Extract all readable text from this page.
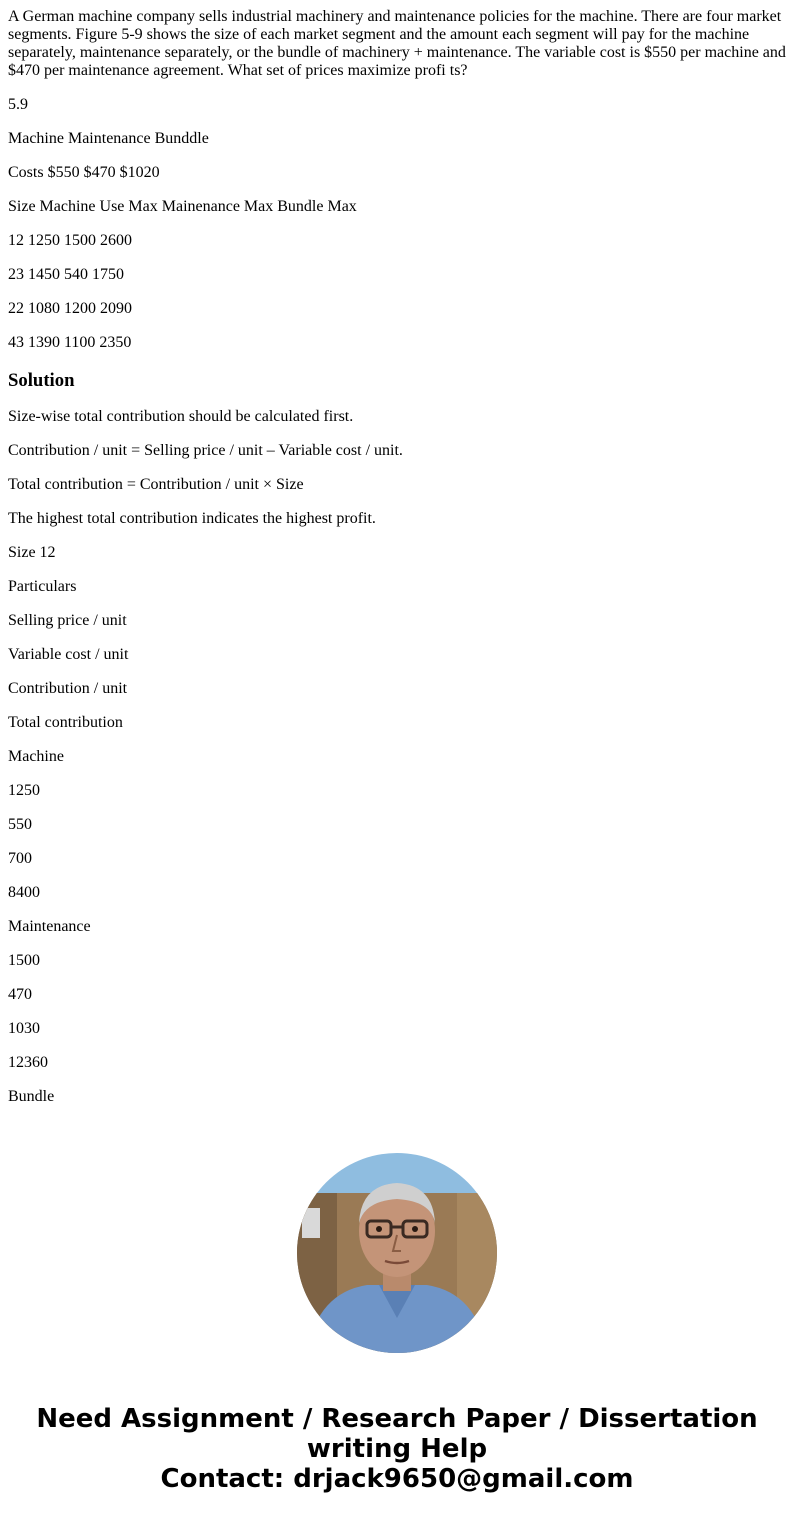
A German machine company sells industrial machinery and maintenance policies for the machine. There are four market segments. Figure 5-9 shows the size of each market segment and the amount each segment will pay for the machine separately, maintenance separately, or the bundle of machinery + maintenance. The variable cost is $550 per machine and $470 per maintenance agreement. What set of prices maximize profi ts?

5.9

Machine Maintenance Bunddle

Costs $550 $470 $1020

Size Machine Use Max Mainenance Max Bundle Max

12 1250 1500 2600

23 1450 540 1750

22 1080 1200 2090

43 1390 1100 2350

Solution

Size-wise total contribution should be calculated first.

Contribution / unit = Selling price / unit – Variable cost / unit.

Total contribution = Contribution / unit × Size

The highest total contribution indicates the highest profit.

Size 12

Particulars

Selling price / unit

Variable cost / unit

Contribution / unit

Total contribution

Machine

1250

550

700

8400

Maintenance

1500

470

1030

12360

Bundle

Need Assignment / Research Paper / Dissertation
writing Help
Contact: drjack9650@gmail.com
